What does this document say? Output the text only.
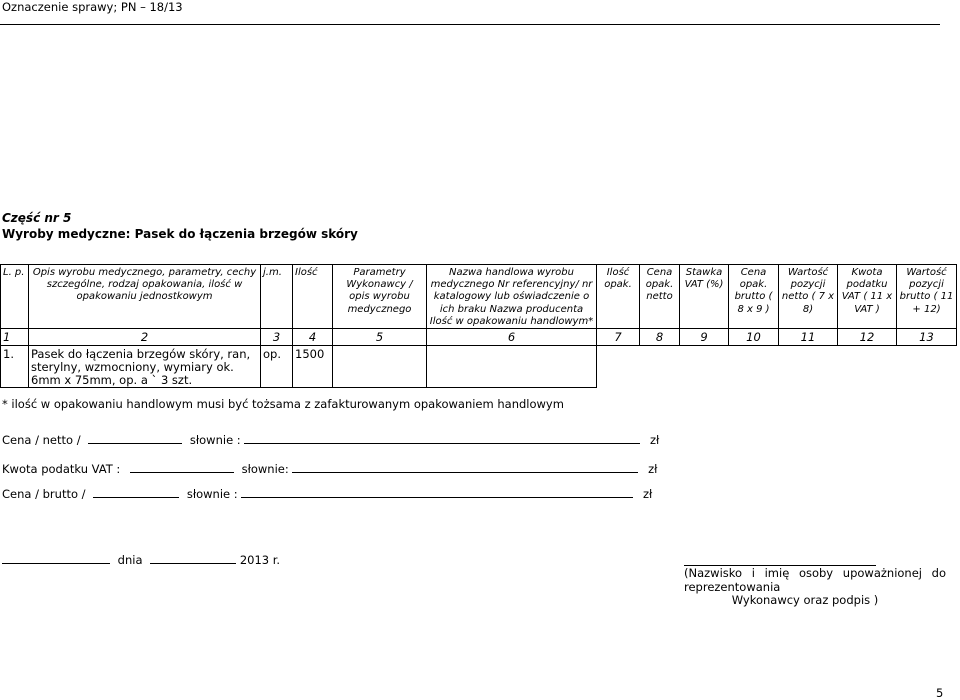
Oznaczenie sprawy; PN – 18/13
Część nr 5
Wyroby medyczne: Pasek do łączenia brzegów skóry
L. p.	Opis wyrobu medycznego, parametry, cechy szczególne, rodzaj opakowania, ilość w opakowaniu jednostkowym	j.m.	Ilość	Parametry Wykonawcy / opis wyrobu medycznego	Nazwa handlowa wyrobu medycznego Nr referencyjny/ nr katalogowy lub oświadczenie o ich braku Nazwa producenta Ilość w opakowaniu handlowym*	Ilość opak.	Cena opak. netto	Stawka VAT (%)	Cena opak. brutto ( 8 x 9 )	Wartość pozycji netto ( 7 x 8)	Kwota podatku VAT ( 11 x VAT )	Wartość pozycji brutto ( 11 + 12)
1	2	3	4	5	6	7	8	9	10	11	12	13
1.	Pasek do łączenia brzegów skóry, ran, sterylny, wzmocniony, wymiary ok. 6mm x 75mm, op. a ` 3 szt.	op.	1500									
* ilość w opakowaniu handlowym musi być tożsama z zafakturowanym opakowaniem handlowym
Cena / netto /	słownie :	zł
Kwota podatku VAT :	słownie:	zł
Cena / brutto /	słownie :	zł
dnia	2013 r.
(Nazwisko i imię osoby upoważnionej do
reprezentowania
Wykonawcy oraz podpis )
5
